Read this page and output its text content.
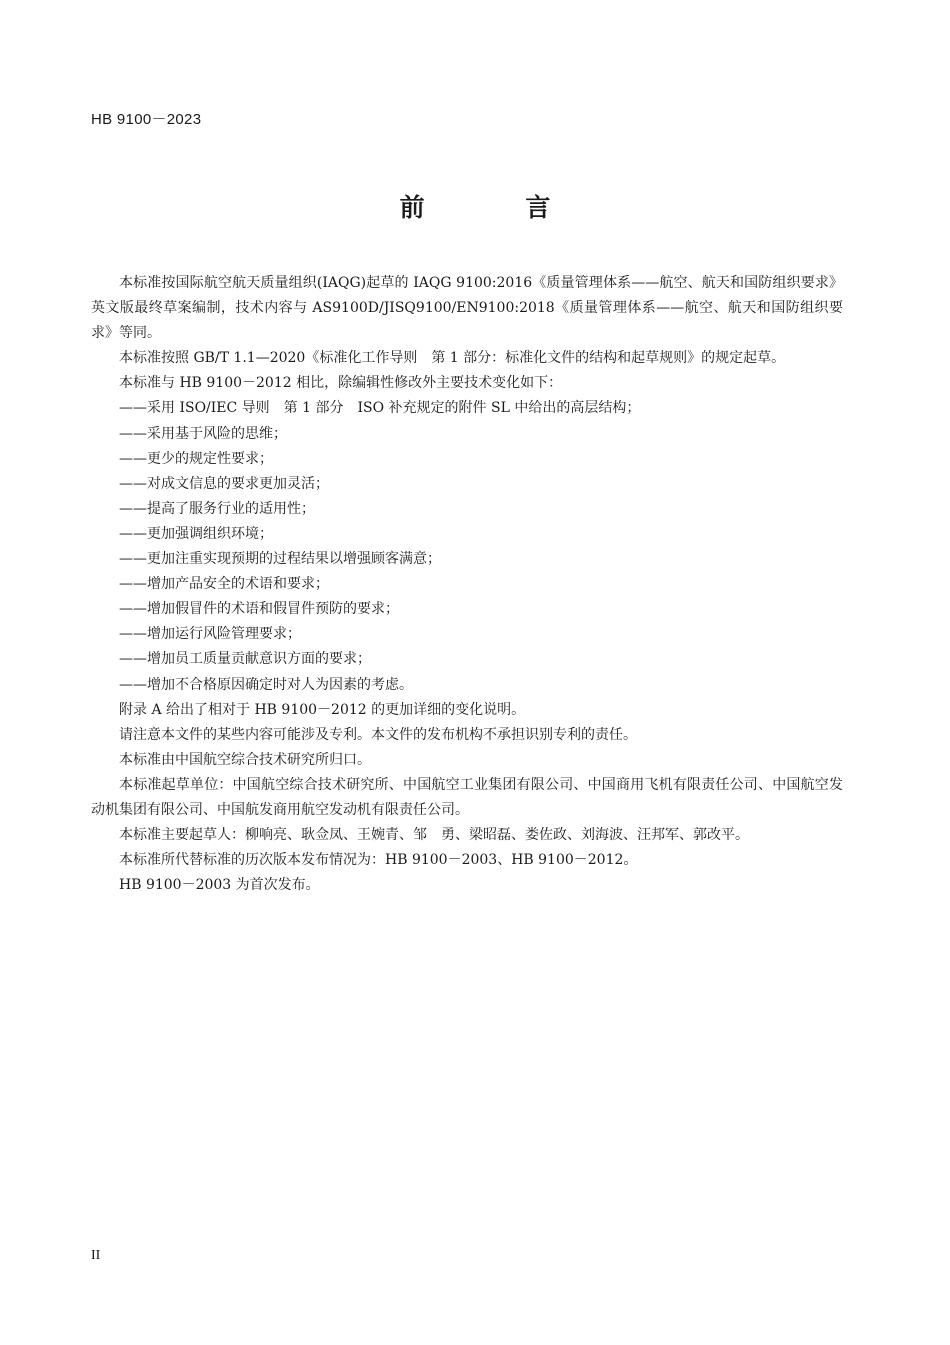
HB 9100－2023
前 言

本标准按国际航空航天质量组织(IAQG)起草的 IAQG 9100:2016《质量管理体系——航空、航天和国防组织要求》英文版最终草案编制，技术内容与 AS9100D/JISQ9100/EN9100:2018《质量管理体系——航空、航天和国防组织要求》等同。

本标准按照 GB/T 1.1—2020《标准化工作导则　第 1 部分：标准化文件的结构和起草规则》的规定起草。

本标准与 HB 9100－2012 相比，除编辑性修改外主要技术变化如下：

——采用 ISO/IEC 导则　第 1 部分　ISO 补充规定的附件 SL 中给出的高层结构；

——采用基于风险的思维；

——更少的规定性要求；

——对成文信息的要求更加灵活；

——提高了服务行业的适用性；

——更加强调组织环境；

——更加注重实现预期的过程结果以增强顾客满意；

——增加产品安全的术语和要求；

——增加假冒件的术语和假冒件预防的要求；

——增加运行风险管理要求；

——增加员工质量贡献意识方面的要求；

——增加不合格原因确定时对人为因素的考虑。

附录 A 给出了相对于 HB 9100－2012 的更加详细的变化说明。

请注意本文件的某些内容可能涉及专利。本文件的发布机构不承担识别专利的责任。

本标准由中国航空综合技术研究所归口。

本标准起草单位：中国航空综合技术研究所、中国航空工业集团有限公司、中国商用飞机有限责任公司、中国航空发动机集团有限公司、中国航发商用航空发动机有限责任公司。

本标准主要起草人：柳响亮、耿佥凤、王婉青、邹　勇、梁昭磊、娄佐政、刘海波、汪邦军、郭改平。

本标准所代替标准的历次版本发布情况为：HB 9100－2003、HB 9100－2012。

HB 9100－2003 为首次发布。

II
